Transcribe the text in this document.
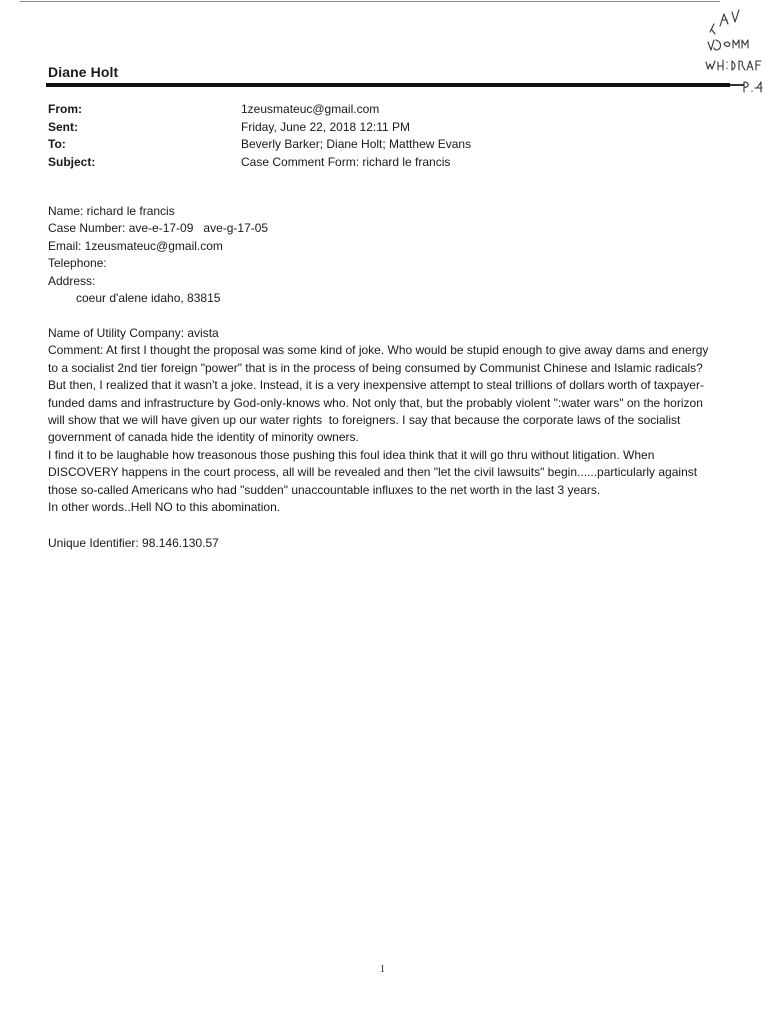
Diane Holt
From:	1zeusmateuc@gmail.com
Sent:	Friday, June 22, 2018 12:11 PM
To:	Beverly Barker; Diane Holt; Matthew Evans
Subject:	Case Comment Form: richard le francis

Name: richard le francis

Case Number: ave-e-17-09   ave-g-17-05

Email: 1zeusmateuc@gmail.com

Telephone:

Address:

coeur d'alene idaho, 83815

Name of Utility Company: avista

Comment: At first I thought the proposal was some kind of joke. Who would be stupid enough to give away dams and energy to a socialist 2nd tier foreign "power" that is in the process of being consumed by Communist Chinese and Islamic radicals? But then, I realized that it wasn't a joke. Instead, it is a very inexpensive attempt to steal trillions of dollars worth of taxpayer-funded dams and infrastructure by God-only-knows who. Not only that, but the probably violent ":water wars" on the horizon will show that we will have given up our water rights  to foreigners. I say that because the corporate laws of the socialist government of canada hide the identity of minority owners.

I find it to be laughable how treasonous those pushing this foul idea think that it will go thru without litigation. When DISCOVERY happens in the court process, all will be revealed and then "let the civil lawsuits" begin......particularly against those so-called Americans who had "sudden" unaccountable influxes to the net worth in the last 3 years.

In other words..Hell NO to this abomination.

Unique Identifier: 98.146.130.57

1
